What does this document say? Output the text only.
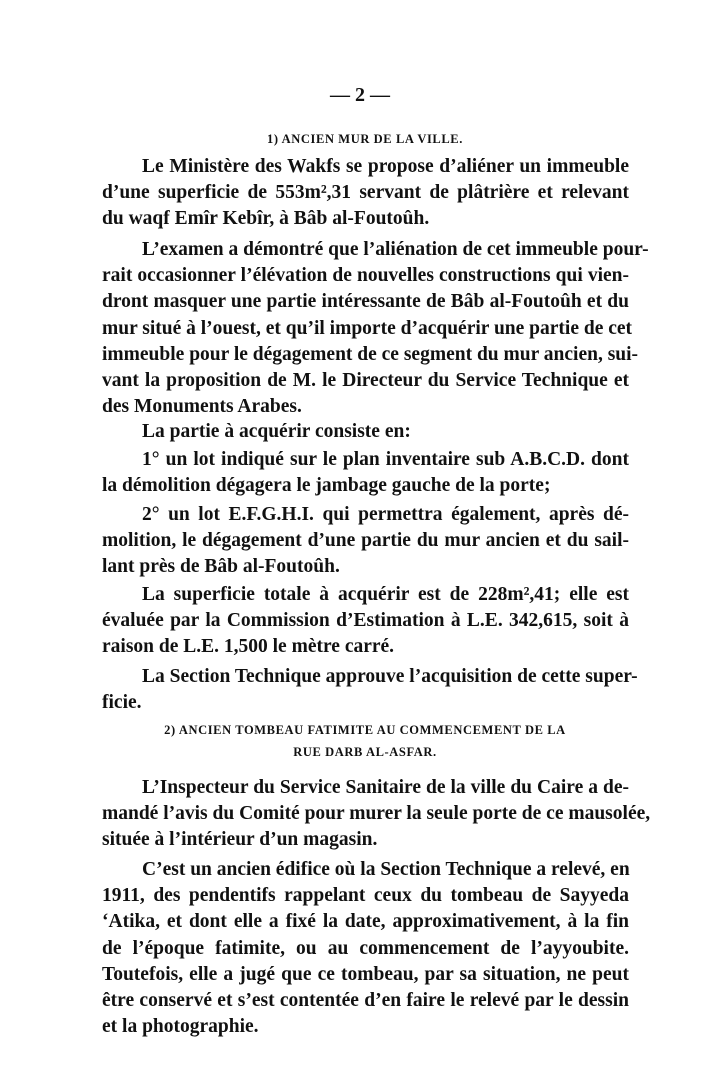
— 2 —
1) ANCIEN MUR DE LA VILLE.
Le Ministère des Wakfs se propose d’aliéner un immeuble
d’une superficie de 553m²,31 servant de plâtrière et relevant
du waqf Emîr Kebîr, à Bâb al-Foutoûh.
L’examen a démontré que l’aliénation de cet immeuble pour-
rait occasionner l’élévation de nouvelles constructions qui vien-
dront masquer une partie intéressante de Bâb al-Foutoûh et du
mur situé à l’ouest, et qu’il importe d’acquérir une partie de cet
immeuble pour le dégagement de ce segment du mur ancien, sui-
vant la proposition de M. le Directeur du Service Technique et
des Monuments Arabes.
La partie à acquérir consiste en:
1° un lot indiqué sur le plan inventaire sub A.B.C.D. dont
la démolition dégagera le jambage gauche de la porte;
2° un lot E.F.G.H.I. qui permettra également, après dé-
molition, le dégagement d’une partie du mur ancien et du sail-
lant près de Bâb al-Foutoûh.
La superficie totale à acquérir est de 228m²,41; elle est
évaluée par la Commission d’Estimation à L.E. 342,615, soit à
raison de L.E. 1,500 le mètre carré.
La Section Technique approuve l’acquisition de cette super-
ficie.
2) ANCIEN TOMBEAU FATIMITE AU COMMENCEMENT DE LA
RUE DARB AL-ASFAR.
L’Inspecteur du Service Sanitaire de la ville du Caire a de-
mandé l’avis du Comité pour murer la seule porte de ce mausolée,
située à l’intérieur d’un magasin.
C’est un ancien édifice où la Section Technique a relevé, en
1911, des pendentifs rappelant ceux du tombeau de Sayyeda
‘Atika, et dont elle a fixé la date, approximativement, à la fin
de l’époque fatimite, ou au commencement de l’ayyoubite.
Toutefois, elle a jugé que ce tombeau, par sa situation, ne peut
être conservé et s’est contentée d’en faire le relevé par le dessin
et la photographie.
